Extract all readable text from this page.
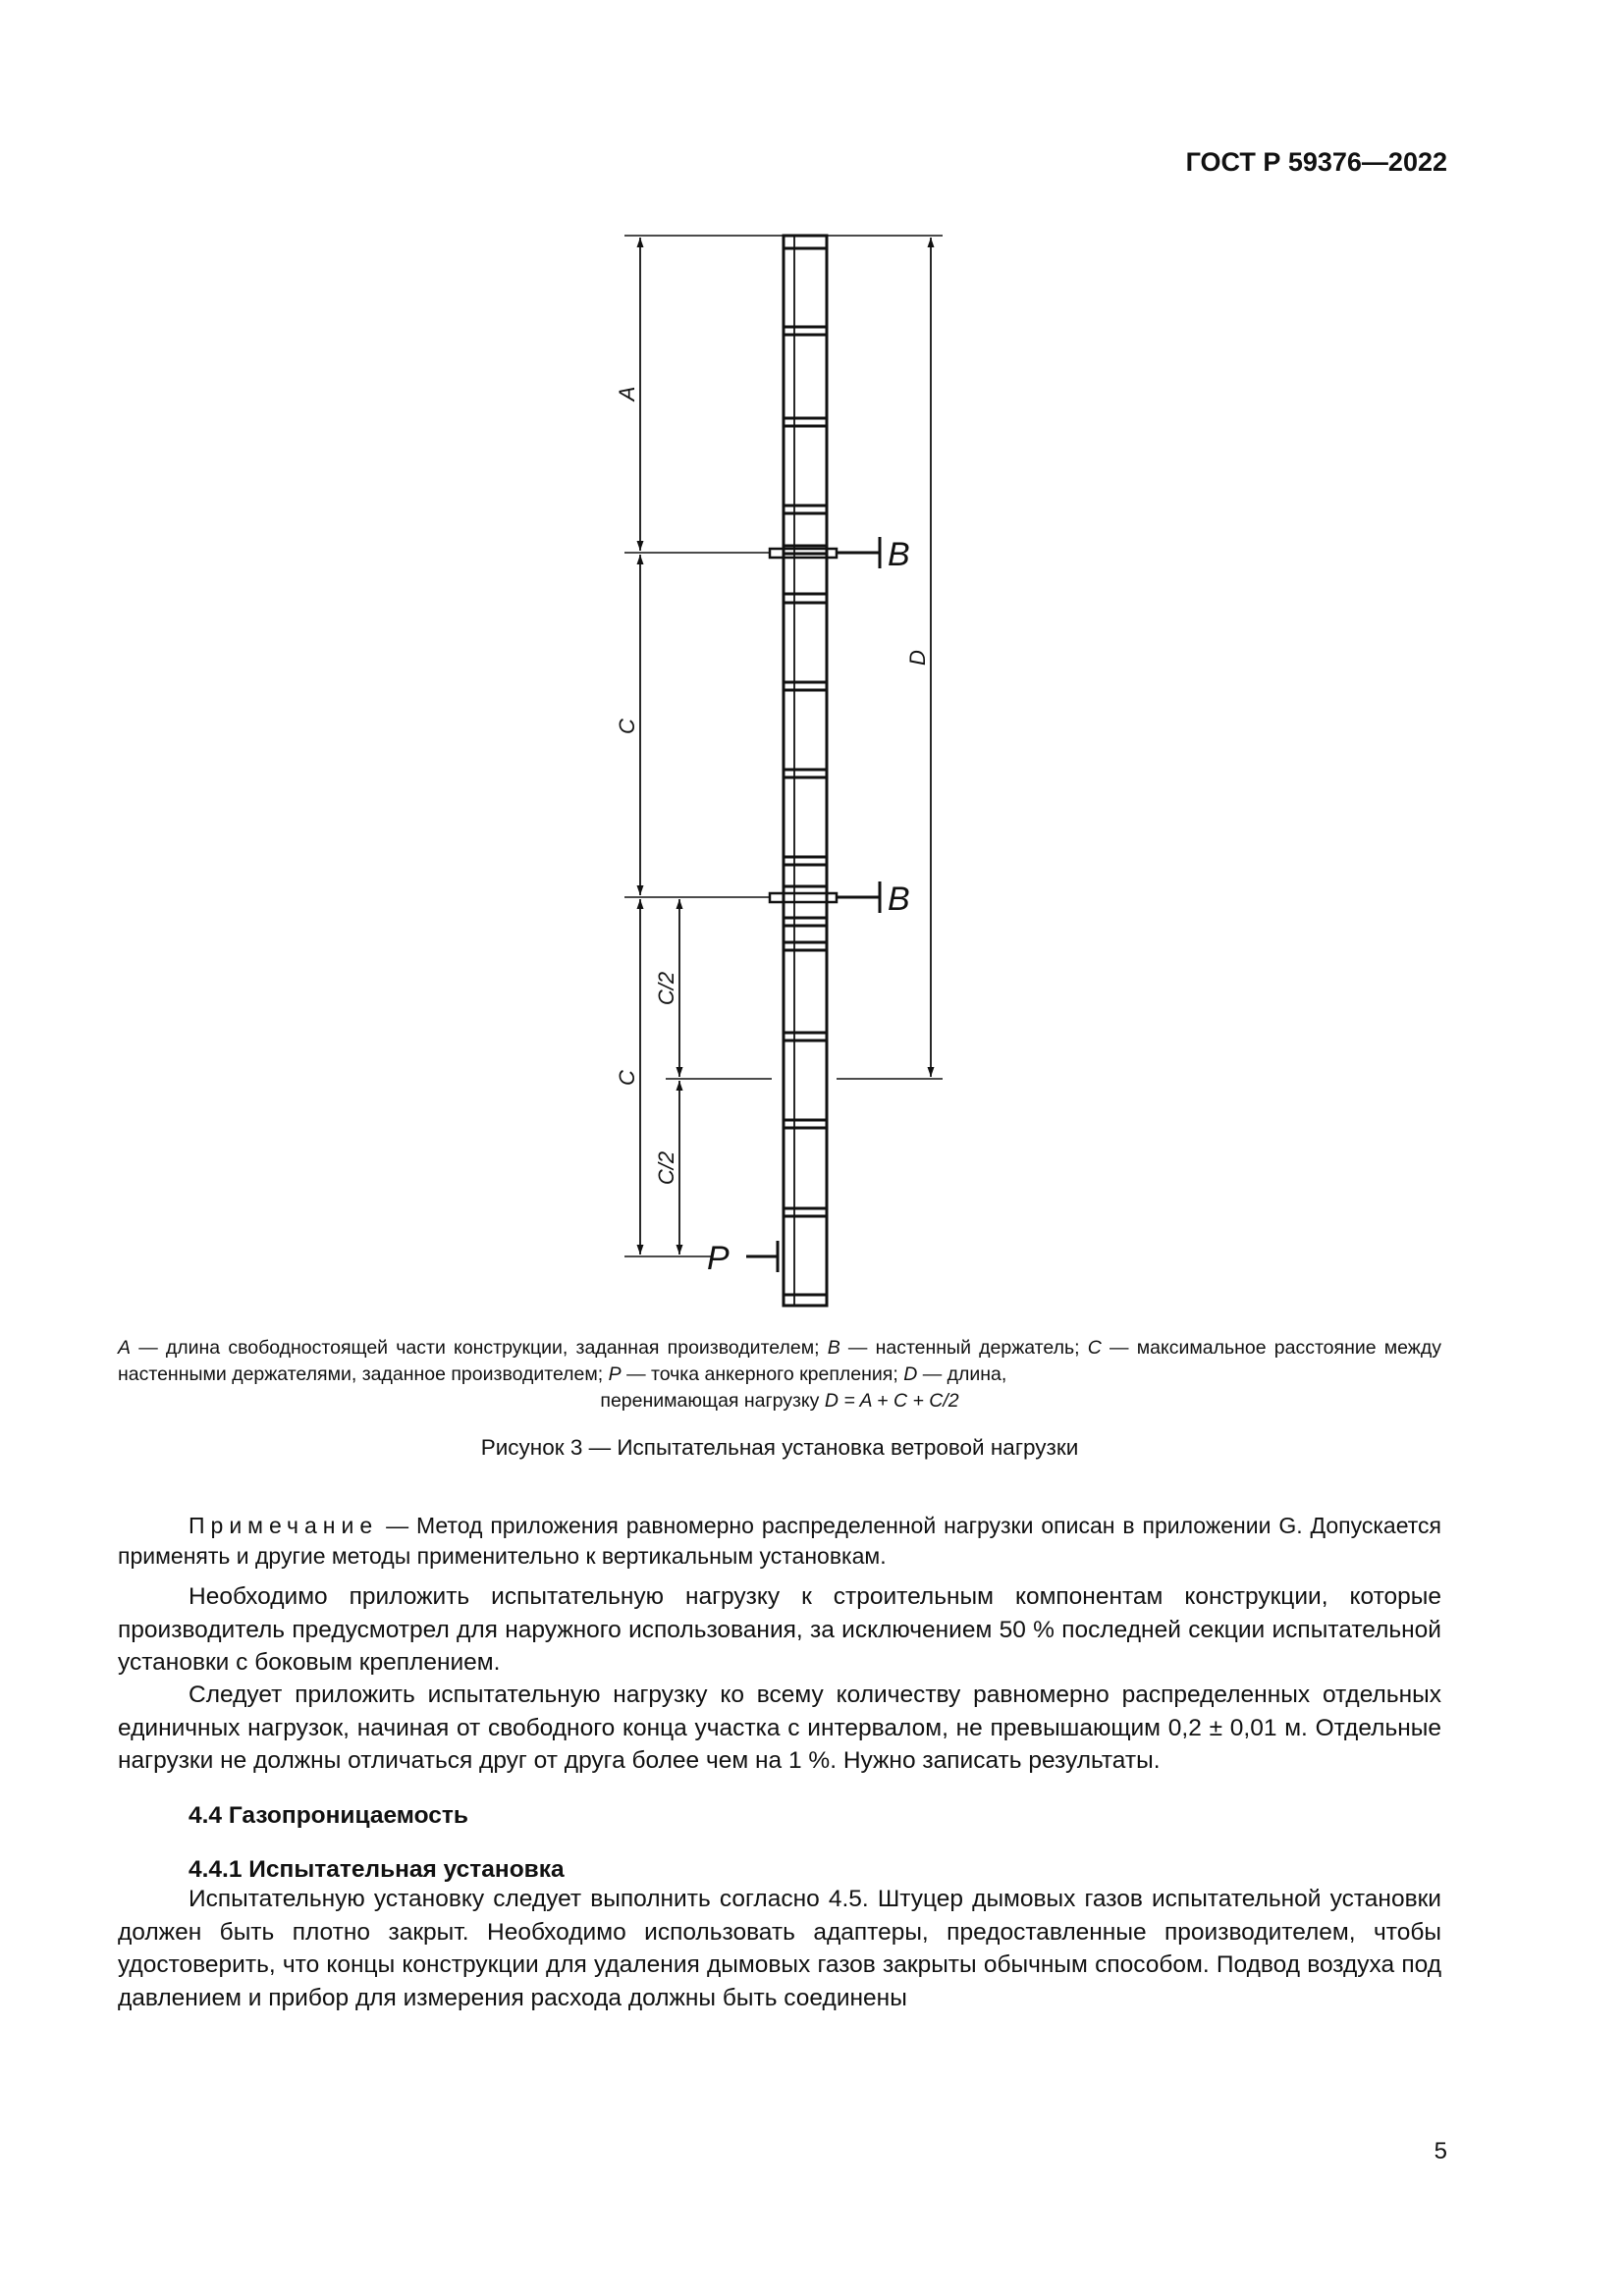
ГОСТ Р 59376—2022
A
C
C
C/2
C/2
D
B
B
P
A — длина свободностоящей части конструкции, заданная производителем; B — настенный держатель; C — максимальное расстояние между настенными держателями, заданное производителем; P — точка анкерного крепления; D — длина,
перенимающая нагрузку D = A + C + C/2
Рисунок 3 — Испытательная установка ветровой нагрузки
Примечание — Метод приложения равномерно распределенной нагрузки описан в приложении G. Допускается применять и другие методы применительно к вертикальным установкам.
Необходимо приложить испытательную нагрузку к строительным компонентам конструкции, которые производитель предусмотрел для наружного использования, за исключением 50 % последней секции испытательной установки с боковым креплением.
Следует приложить испытательную нагрузку ко всему количеству равномерно распределенных отдельных единичных нагрузок, начиная от свободного конца участка с интервалом, не превышающим 0,2 ± 0,01 м. Отдельные нагрузки не должны отличаться друг от друга более чем на 1 %. Нужно записать результаты.
4.4 Газопроницаемость
4.4.1 Испытательная установка
Испытательную установку следует выполнить согласно 4.5. Штуцер дымовых газов испытательной установки должен быть плотно закрыт. Необходимо использовать адаптеры, предоставленные производителем, чтобы удостоверить, что концы конструкции для удаления дымовых газов закрыты обычным способом. Подвод воздуха под давлением и прибор для измерения расхода должны быть соединены
5
